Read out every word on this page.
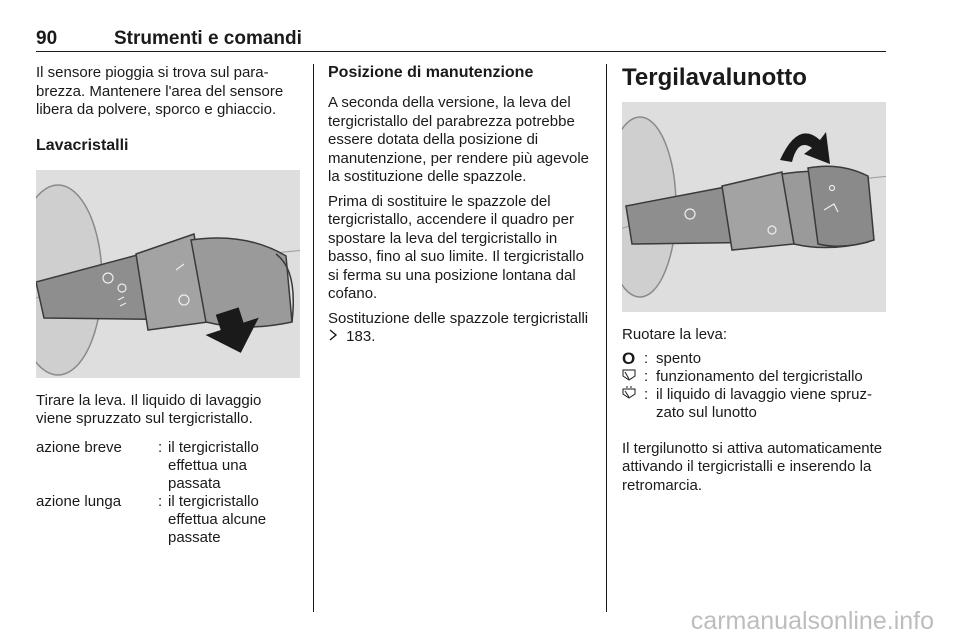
90	Strumenti e comandi

Il sensore pioggia si trova sul parabrezza. Mantenere l'area del sensore libera da polvere, sporco e ghiaccio.

Lavacristalli

Tirare la leva. Il liquido di lavaggio viene spruzzato sul tergicristallo.

azione breve	:	il tergicristallo effettua una passata
azione lunga	:	il tergicristallo effettua alcune passate
Posizione di manutenzione

A seconda della versione, la leva del tergicristallo del parabrezza potrebbe essere dotata della posizione di manutenzione, per rendere più agevole la sostituzione delle spazzole.

Prima di sostituire le spazzole del tergicristallo, accendere il quadro per spostare la leva del tergicristallo in basso, fino al suo limite. Il tergicristallo si ferma su una posizione lontana dal cofano.

Sostituzione delle spazzole tergicristalli  183.

Tergilavalunotto

Ruotare la leva:

O	:	spento
	:	funzionamento del tergicristallo
	:	il liquido di lavaggio viene spruzzato sul lunotto

Il tergilunotto si attiva automaticamente attivando il tergicristalli e inserendo la retromarcia.

carmanualsonline.info
